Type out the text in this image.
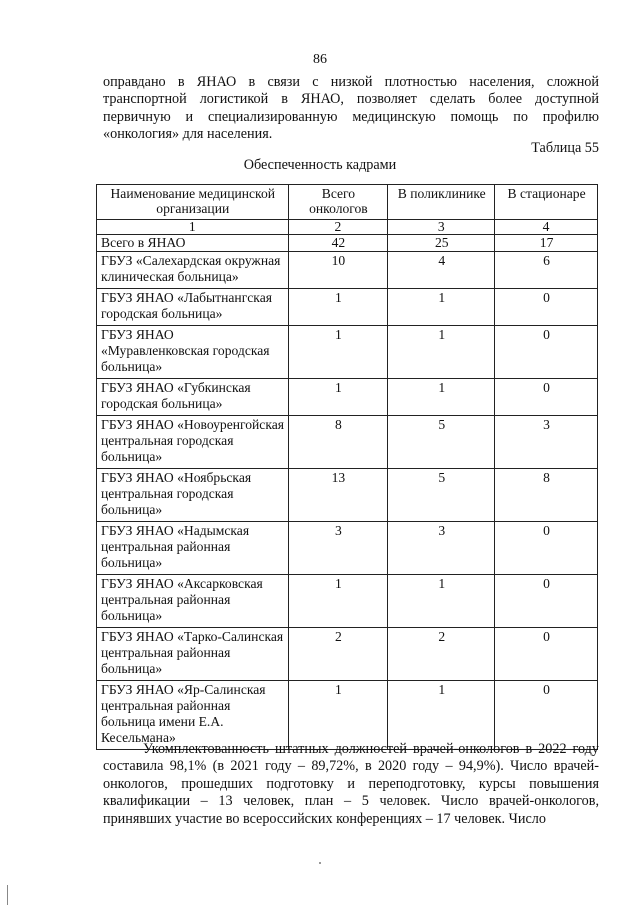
86

оправдано в ЯНАО в связи с низкой плотностью населения, сложной транспортной логистикой в ЯНАО, позволяет сделать более доступной первичную и специализированную медицинскую помощь по профилю «онкология» для населения.

Таблица 55
Обеспеченность кадрами
Наименование медицинской организации	Всего онкологов	В поликлинике	В стационаре
1	2	3	4
Всего в ЯНАО	42	25	17
ГБУЗ «Салехардская окружная клиническая больница»	10	4	6
ГБУЗ ЯНАО «Лабытнангская городская больница»	1	1	0
ГБУЗ ЯНАО «Муравленковская городская больница»	1	1	0
ГБУЗ ЯНАО «Губкинская городская больница»	1	1	0
ГБУЗ ЯНАО «Новоуренгойская центральная городская больница»	8	5	3
ГБУЗ ЯНАО «Ноябрьская центральная городская больница»	13	5	8
ГБУЗ ЯНАО «Надымская центральная районная больница»	3	3	0
ГБУЗ ЯНАО «Аксарковская центральная районная больница»	1	1	0
ГБУЗ ЯНАО «Тарко-Салинская центральная районная больница»	2	2	0
ГБУЗ ЯНАО «Яр-Салинская центральная районная больница имени Е.А. Кесельмана»	1	1	0

Укомплектованность штатных должностей врачей-онкологов в 2022 году составила 98,1% (в 2021 году – 89,72%, в 2020 году – 94,9%). Число врачей-онкологов, прошедших подготовку и переподготовку, курсы повышения квалификации – 13 человек, план – 5 человек. Число врачей-онкологов, принявших участие во всероссийских конференциях – 17 человек. Число
